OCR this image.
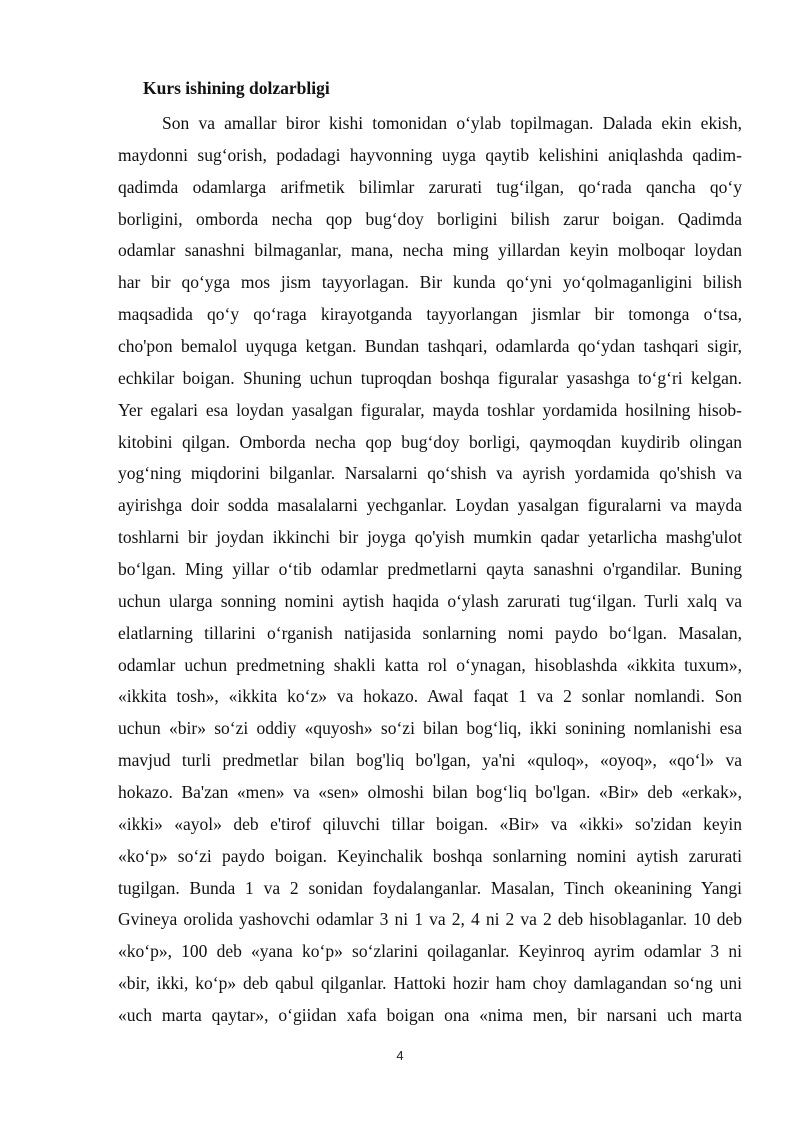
Kurs ishining dolzarbligi
Son va amallar biror kishi tomonidan o‘ylab topilmagan. Dalada ekin ekish,
maydonni sug‘orish, podadagi hayvonning uyga qaytib kelishini aniqlashda qadim-
qadimda odamlarga arifmetik bilimlar zarurati tug‘ilgan, qo‘rada qancha qo‘y
borligini, omborda necha qop bug‘doy borligini bilish zarur boigan. Qadimda
odamlar sanashni bilmaganlar, mana, necha ming yillardan keyin molboqar loydan
har bir qo‘yga mos jism tayyorlagan. Bir kunda qo‘yni yo‘qolmaganligini bilish
maqsadida qo‘y qo‘raga kirayotganda tayyorlangan jismlar bir tomonga o‘tsa,
cho'pon bemalol uyquga ketgan. Bundan tashqari, odamlarda qo‘ydan tashqari sigir,
echkilar boigan. Shuning uchun tuproqdan boshqa figuralar yasashga to‘g‘ri kelgan.
Yer egalari esa loydan yasalgan figuralar, mayda toshlar yordamida hosilning hisob-
kitobini qilgan. Omborda necha qop bug‘doy borligi, qaymoqdan kuydirib olingan
yog‘ning miqdorini bilganlar. Narsalarni qo‘shish va ayrish yordamida qo'shish va
ayirishga doir sodda masalalarni yechganlar. Loydan yasalgan figuralarni va mayda
toshlarni bir joydan ikkinchi bir joyga qo'yish mumkin qadar yetarlicha mashg'ulot
bo‘lgan. Ming yillar o‘tib odamlar predmetlarni qayta sanashni o'rgandilar. Buning
uchun ularga sonning nomini aytish haqida o‘ylash zarurati tug‘ilgan. Turli xalq va
elatlarning tillarini o‘rganish natijasida sonlarning nomi paydo bo‘lgan. Masalan,
odamlar uchun predmetning shakli katta rol o‘ynagan, hisoblashda «ikkita tuxum»,
«ikkita tosh», «ikkita ko‘z» va hokazo. Awal faqat 1 va 2 sonlar nomlandi. Son
uchun «bir» so‘zi oddiy «quyosh» so‘zi bilan bog‘liq, ikki sonining nomlanishi esa
mavjud turli predmetlar bilan bog'liq bo'lgan, ya'ni «quloq», «oyoq», «qo‘l» va
hokazo. Ba'zan «men» va «sen» olmoshi bilan bog‘liq bo'lgan. «Bir» deb «erkak»,
«ikki» «ayol» deb e'tirof qiluvchi tillar boigan. «Bir» va «ikki» so'zidan keyin
«ko‘p» so‘zi paydo boigan. Keyinchalik boshqa sonlarning nomini aytish zarurati
tugilgan. Bunda 1 va 2 sonidan foydalanganlar. Masalan, Tinch okeanining Yangi
Gvineya orolida yashovchi odamlar 3 ni 1 va 2, 4 ni 2 va 2 deb hisoblaganlar. 10 deb
«ko‘p», 100 deb «yana ko‘p» so‘zlarini qoilaganlar. Keyinroq ayrim odamlar 3 ni
«bir, ikki, ko‘p» deb qabul qilganlar. Hattoki hozir ham choy damlagandan so‘ng uni
«uch marta qaytar», o‘giidan xafa boigan ona «nima men, bir narsani uch marta
4
